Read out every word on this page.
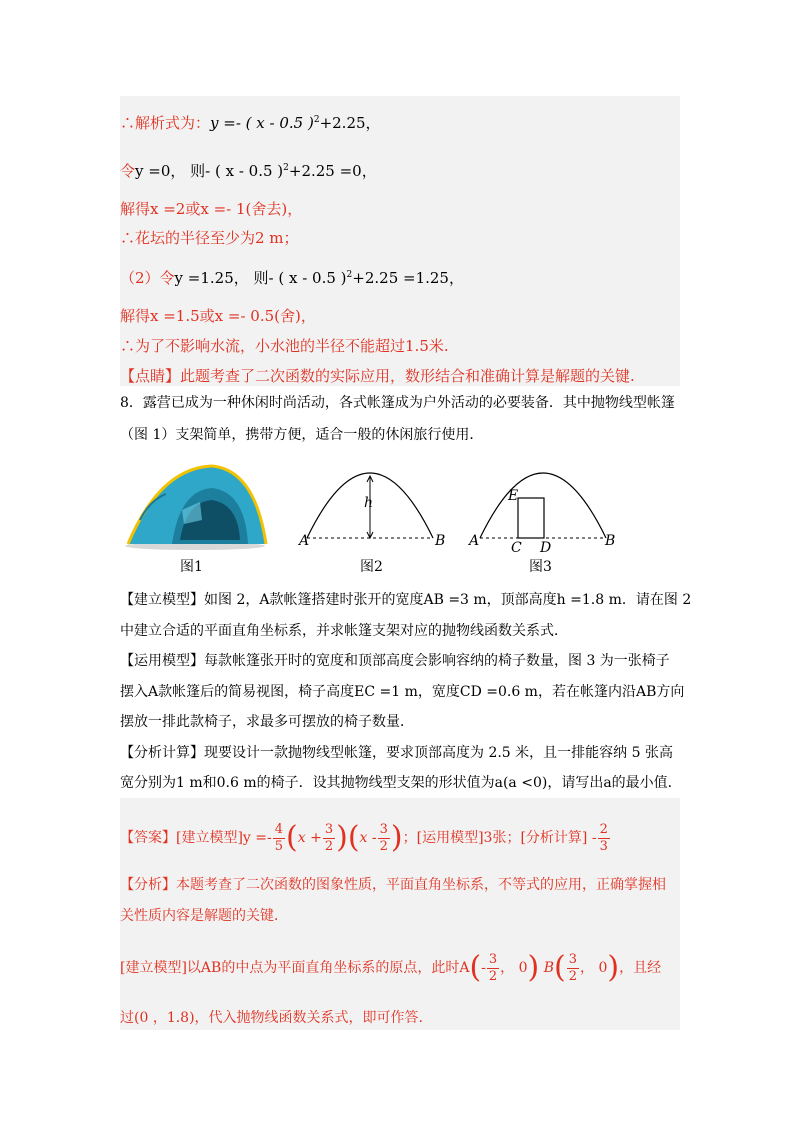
∴解析式为：y =- ( x - 0.5 )$^2$+2.25，
令y =0， 则- ( x - 0.5 )$^2$+2.25 =0，
解得x =2或x =- 1(舍去)，
∴花坛的半径至少为2 m；
（2）令y =1.25， 则- ( x - 0.5 )$^2$+2.25 =1.25，
解得x =1.5或x =- 0.5(舍)，
∴为了不影响水流，小水池的半径不能超过1.5米.
【点睛】此题考查了二次函数的实际应用，数形结合和准确计算是解题的关键.
8．露营已成为一种休闲时尚活动，各式帐篷成为户外活动的必要装备．其中抛物线型帐篷
（图 1）支架简单，携带方便，适合一般的休闲旅行使用．
图1
A	B
h
图2
A	B
C D
E
图3
【建立模型】如图 2，A款帐篷搭建时张开的宽度AB =3 m，顶部高度h =1.8 m．请在图 2
中建立合适的平面直角坐标系，并求帐篷支架对应的抛物线函数关系式．
【运用模型】每款帐篷张开时的宽度和顶部高度会影响容纳的椅子数量，图 3 为一张椅子
摆入A款帐篷后的简易视图，椅子高度EC =1 m，宽度CD =0.6 m，若在帐篷内沿AB方向
摆放一排此款椅子，求最多可摆放的椅子数量．
【分析计算】现要设计一款抛物线型帐篷，要求顶部高度为 2.5 米，且一排能容纳 5 张高
宽分别为1 m和0.6 m的椅子．设其抛物线型支架的形状值为a(a <0)，请写出a的最小值．
【答案】[建立模型]$y =- \frac{4}{5} (x + \frac{3}{2} )(x - \frac{3}{2}$ )；[运用模型]3张；[分析计算] - $\frac{2}{3}$
【分析】本题考查了二次函数的图象性质，平面直角坐标系，不等式的应用，正确掌握相
关性质内容是解题的关键．
[建立模型]以AB的中点为平面直角坐标系的原点，此时$A(- \frac{3}{2}$ ， 0) $B( \frac{3}{2}$ ， 0)，且经
过(0 ，1.8)，代入抛物线函数关系式，即可作答.
